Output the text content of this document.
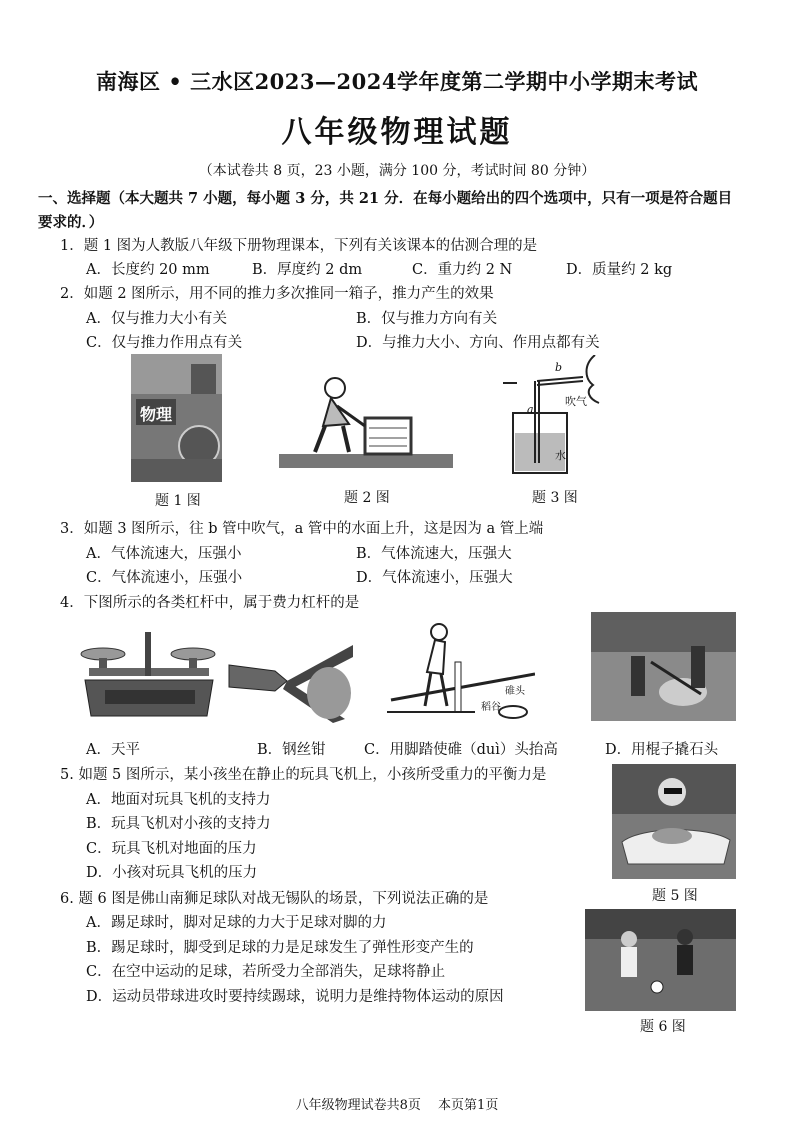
南海区 • 三水区2023—2024学年度第二学期中小学期末考试
八年级物理试题
（本试卷共 8 页，23 小题，满分 100 分，考试时间 80 分钟）
一、选择题（本大题共 7 小题，每小题 3 分，共 21 分．在每小题给出的四个选项中，只有一项是符合题目
要求的．）
1．题 1 图为人教版八年级下册物理课本，下列有关该课本的估测合理的是
A．长度约 20 mm	B．厚度约 2 dm	C．重力约 2 N	D．质量约 2 kg
2．如题 2 图所示，用不同的推力多次推同一箱子，推力产生的效果
A．仅与推力大小有关	B．仅与推力方向有关
C．仅与推力作用点有关	D．与推力大小、方向、作用点都有关
物理
题 1 图	题 2 图
b
a
吹气
水
题 3 图
3．如题 3 图所示，往 b 管中吹气，a 管中的水面上升，这是因为 a 管上端
A．气体流速大，压强小	B．气体流速大，压强大
C．气体流速小，压强小	D．气体流速小，压强大
4．下图所示的各类杠杆中，属于费力杠杆的是
碓头
稻谷
A．天平	B．钢丝钳	C．用脚踏使碓（duì）头抬高	D．用棍子撬石头
5. 如题 5 图所示，某小孩坐在静止的玩具飞机上，小孩所受重力的平衡力是
A．地面对玩具飞机的支持力
B．玩具飞机对小孩的支持力
C．玩具飞机对地面的压力
D．小孩对玩具飞机的压力
题 5 图
6. 题 6 图是佛山南狮足球队对战无锡队的场景，下列说法正确的是
A．踢足球时，脚对足球的力大于足球对脚的力
B．踢足球时，脚受到足球的力是足球发生了弹性形变产生的
C．在空中运动的足球，若所受力全部消失，足球将静止
D．运动员带球进攻时要持续踢球，说明力是维持物体运动的原因
题 6 图
八年级物理试卷共8页　 本页第1页
